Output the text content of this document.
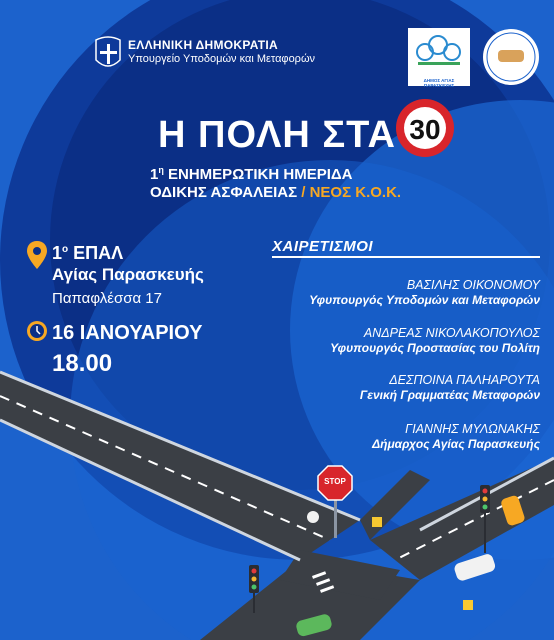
ΕΛΛΗΝΙΚΗ ΔΗΜΟΚΡΑΤΙΑ
Υπουργείο Υποδομών και Μεταφορών
ΔΗΜΟΣ ΑΓΙΑΣ ΠΑΡΑΣΚΕΥΗΣ
Η ΠΟΛΗ ΣΤΑ 30
$1^\eta$ ΕΝΗΜΕΡΩΤΙΚΗ ΗΜΕΡΙΔΑ
ΟΔΙΚΗΣ ΑΣΦΑΛΕΙΑΣ / ΝΕΟΣ Κ.Ο.Κ.
$1^o$ ΕΠΑΛ
Αγίας Παρασκευής
Παπαφλέσσα 17
16 ΙΑΝΟΥΑΡΙΟΥ
18.00
ΧΑΙΡΕΤΙΣΜΟΙ
ΒΑΣΙΛΗΣ ΟΙΚΟΝΟΜΟΥ
Υφυπουργός Υποδομών και Μεταφορών
ΑΝΔΡΕΑΣ ΝΙΚΟΛΑΚΟΠΟΥΛΟΣ
Υφυπουργός Προστασίας του Πολίτη
ΔΕΣΠΟΙΝΑ ΠΑΛΗΑΡΟΥΤΑ
Γενική Γραμματέας Μεταφορών
ΓΙΑΝΝΗΣ ΜΥΛΩΝΑΚΗΣ
Δήμαρχος Αγίας Παρασκευής
STOP
